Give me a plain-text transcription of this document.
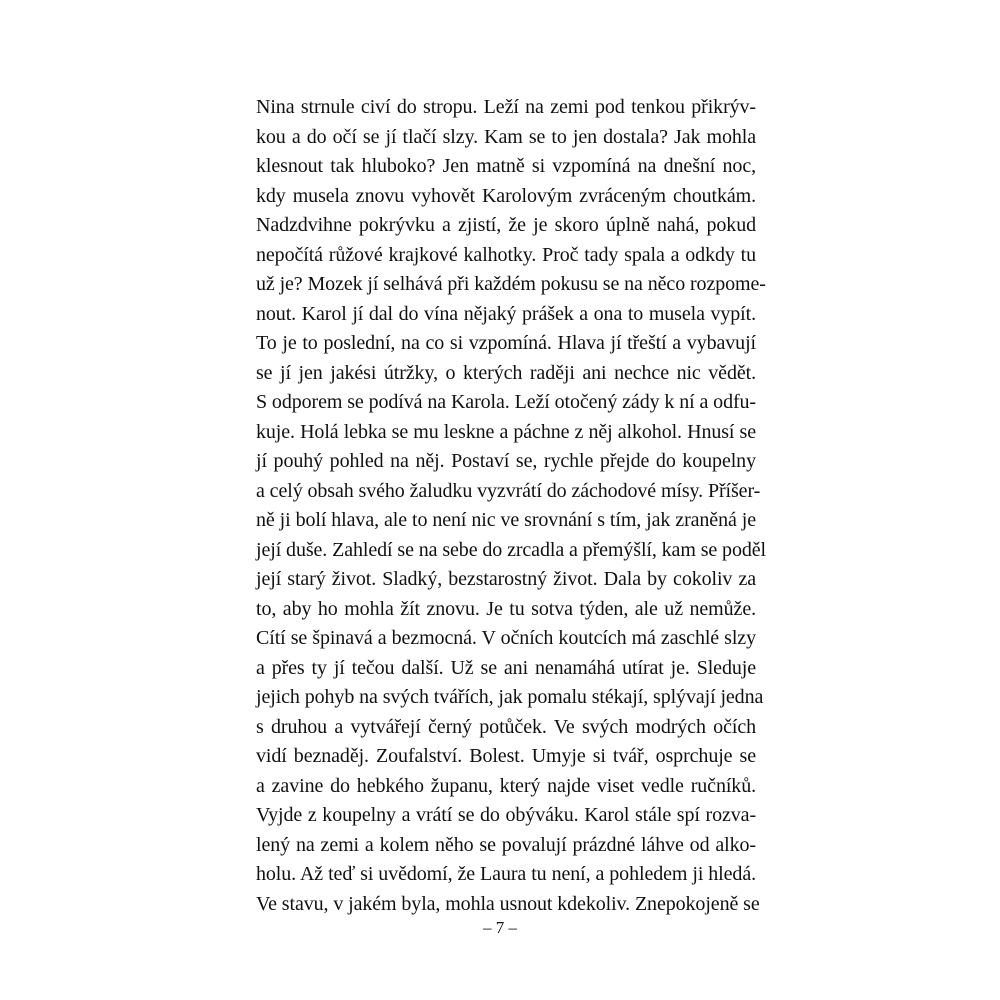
Nina strnule civí do stropu. Leží na zemi pod tenkou přikrýv-
kou a do očí se jí tlačí slzy. Kam se to jen dostala? Jak mohla
klesnout tak hluboko? Jen matně si vzpomíná na dnešní noc,
kdy musela znovu vyhovět Karolovým zvráceným choutkám.
Nadzdvihne pokrývku a zjistí, že je skoro úplně nahá, pokud
nepočítá růžové krajkové kalhotky. Proč tady spala a odkdy tu
už je? Mozek jí selhává při každém pokusu se na něco rozpome-
nout. Karol jí dal do vína nějaký prášek a ona to musela vypít.
To je to poslední, na co si vzpomíná. Hlava jí třeští a vybavují
se jí jen jakési útržky, o kterých raději ani nechce nic vědět.
S odporem se podívá na Karola. Leží otočený zády k ní a odfu-
kuje. Holá lebka se mu leskne a páchne z něj alkohol. Hnusí se
jí pouhý pohled na něj. Postaví se, rychle přejde do koupelny
a celý obsah svého žaludku vyzvrátí do záchodové mísy. Příšer-
ně ji bolí hlava, ale to není nic ve srovnání s tím, jak zraněná je
její duše. Zahledí se na sebe do zrcadla a přemýšlí, kam se poděl
její starý život. Sladký, bezstarostný život. Dala by cokoliv za
to, aby ho mohla žít znovu. Je tu sotva týden, ale už nemůže.
Cítí se špinavá a bezmocná. V očních koutcích má zaschlé slzy
a přes ty jí tečou další. Už se ani nenamáhá utírat je. Sleduje
jejich pohyb na svých tvářích, jak pomalu stékají, splývají jedna
s druhou a vytvářejí černý potůček. Ve svých modrých očích
vidí beznaděj. Zoufalství. Bolest. Umyje si tvář, osprchuje se
a zavine do hebkého županu, který najde viset vedle ručníků.
Vyjde z koupelny a vrátí se do obýváku. Karol stále spí rozva-
lený na zemi a kolem něho se povalují prázdné láhve od alko-
holu. Až teď si uvědomí, že Laura tu není, a pohledem ji hledá.
Ve stavu, v jakém byla, mohla usnout kdekoliv. Znepokojeně se
– 7 –
